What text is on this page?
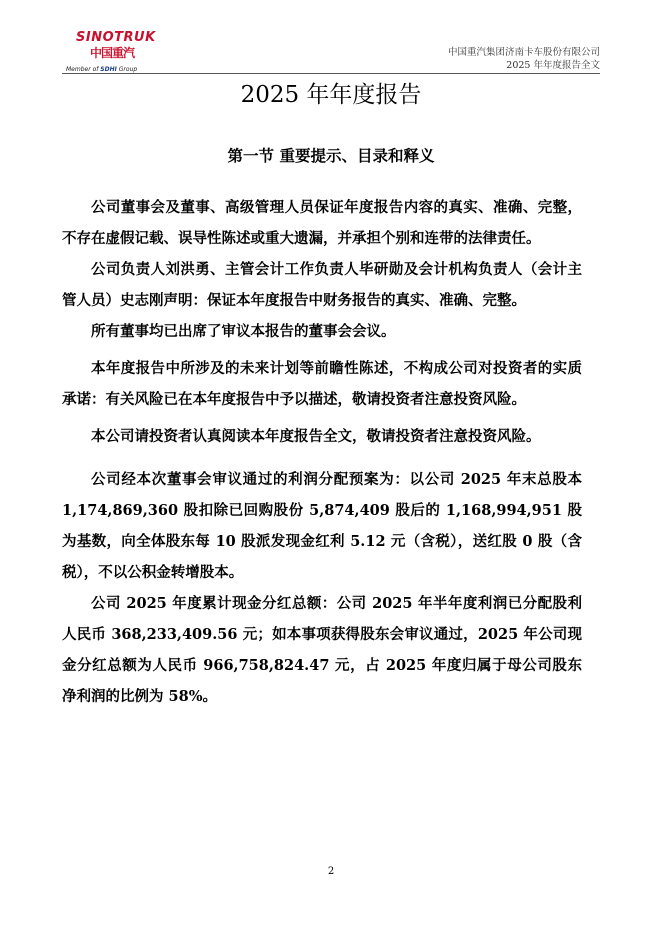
SINOTRUK
中国重汽
Member of SDHI Group
中国重汽集团济南卡车股份有限公司
2025 年年度报告全文
2025 年年度报告
第一节 重要提示、目录和释义

公司董事会及董事、高级管理人员保证年度报告内容的真实、准确、完整，不存在虚假记载、误导性陈述或重大遗漏，并承担个别和连带的法律责任。

公司负责人刘洪勇、主管会计工作负责人毕研勋及会计机构负责人（会计主管人员）史志刚声明：保证本年度报告中财务报告的真实、准确、完整。

所有董事均已出席了审议本报告的董事会会议。

本年度报告中所涉及的未来计划等前瞻性陈述，不构成公司对投资者的实质承诺：有关风险已在本年度报告中予以描述，敬请投资者注意投资风险。

本公司请投资者认真阅读本年度报告全文，敬请投资者注意投资风险。

公司经本次董事会审议通过的利润分配预案为：以公司 2025 年末总股本 1,174,869,360 股扣除已回购股份 5,874,409 股后的 1,168,994,951 股为基数，向全体股东每 10 股派发现金红利 5.12 元（含税），送红股 0 股（含税），不以公积金转增股本。

公司 2025 年度累计现金分红总额：公司 2025 年半年度利润已分配股利人民币 368,233,409.56 元；如本事项获得股东会审议通过，2025 年公司现金分红总额为人民币 966,758,824.47 元，占 2025 年度归属于母公司股东净利润的比例为 58%。

2
